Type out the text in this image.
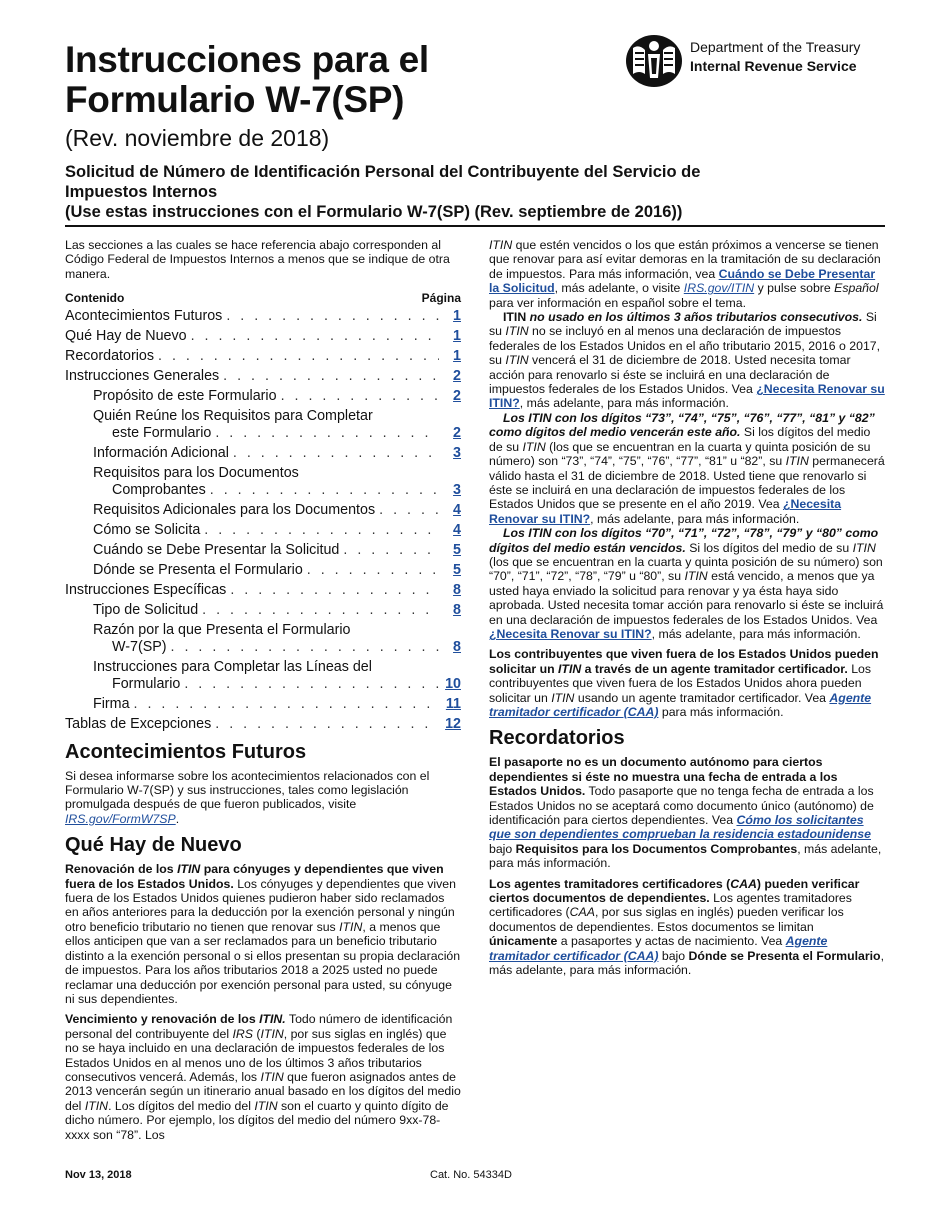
Instrucciones para el
Formulario W-7(SP)
(Rev. noviembre de 2018)
Department of the Treasury
Internal Revenue Service
Solicitud de Número de Identificación Personal del Contribuyente del Servicio de
Impuestos Internos
(Use estas instrucciones con el Formulario W-7(SP) (Rev. septiembre de 2016))

Las secciones a las cuales se hace referencia abajo corresponden al Código Federal de Impuestos Internos a menos que se indique de otra manera.

Contenido	Página
Acontecimientos Futuros . . .	1
Qué Hay de Nuevo . . .	1
Recordatorios . . .	1
Instrucciones Generales . . .	2
Propósito de este Formulario . . .	2
Quién Reúne los Requisitos para Completar
este Formulario . . .	2
Información Adicional . . .	3
Requisitos para los Documentos
Comprobantes . . .	3
Requisitos Adicionales para los Documentos . . .	4
Cómo se Solicita . . .	4
Cuándo se Debe Presentar la Solicitud . . .	5
Dónde se Presenta el Formulario . . .	5
Instrucciones Específicas . . .	8
Tipo de Solicitud . . .	8
Razón por la que Presenta el Formulario
W-7(SP) . . .	8
Instrucciones para Completar las Líneas del
Formulario . . .	10
Firma . . .	11
Tablas de Excepciones . . .	12
Acontecimientos Futuros

Si desea informarse sobre los acontecimientos relacionados con el Formulario W-7(SP) y sus instrucciones, tales como legislación promulgada después de que fueron publicados, visite IRS.gov/FormW7SP.

Qué Hay de Nuevo

Renovación de los ITIN para cónyuges y dependientes que viven fuera de los Estados Unidos. Los cónyuges y dependientes que viven fuera de los Estados Unidos quienes pudieron haber sido reclamados en años anteriores para la deducción por la exención personal y ningún otro beneficio tributario no tienen que renovar sus ITIN, a menos que ellos anticipen que van a ser reclamados para un beneficio tributario distinto a la exención personal o si ellos presentan su propia declaración de impuestos. Para los años tributarios 2018 a 2025 usted no puede reclamar una deducción por exención personal para usted, su cónyuge ni sus dependientes.

Vencimiento y renovación de los ITIN. Todo número de identificación personal del contribuyente del IRS (ITIN, por sus siglas en inglés) que no se haya incluido en una declaración de impuestos federales de los Estados Unidos en al menos uno de los últimos 3 años tributarios consecutivos vencerá. Además, los ITIN que fueron asignados antes de 2013 vencerán según un itinerario anual basado en los dígitos del medio del ITIN. Los dígitos del medio del ITIN son el cuarto y quinto dígito de dicho número. Por ejemplo, los dígitos del medio del número 9xx-78-xxxx son “78”. Los

ITIN que estén vencidos o los que están próximos a vencerse se tienen que renovar para así evitar demoras en la tramitación de su declaración de impuestos. Para más información, vea Cuándo se Debe Presentar la Solicitud, más adelante, o visite IRS.gov/ITIN y pulse sobre Español para ver información en español sobre el tema.

ITIN no usado en los últimos 3 años tributarios consecutivos. Si su ITIN no se incluyó en al menos una declaración de impuestos federales de los Estados Unidos en el año tributario 2015, 2016 o 2017, su ITIN vencerá el 31 de diciembre de 2018. Usted necesita tomar acción para renovarlo si éste se incluirá en una declaración de impuestos federales de los Estados Unidos. Vea ¿Necesita Renovar su ITIN?, más adelante, para más información.

Los ITIN con los dígitos “73”, “74”, “75”, “76”, “77”, “81” y “82” como dígitos del medio vencerán este año. Si los dígitos del medio de su ITIN (los que se encuentran en la cuarta y quinta posición de su número) son “73”, “74”, “75”, “76”, “77”, “81” u “82”, su ITIN permanecerá válido hasta el 31 de diciembre de 2018. Usted tiene que renovarlo si éste se incluirá en una declaración de impuestos federales de los Estados Unidos que se presente en el año 2019. Vea ¿Necesita Renovar su ITIN?, más adelante, para más información.

Los ITIN con los dígitos “70”, “71”, “72”, “78”, “79” y “80” como dígitos del medio están vencidos. Si los dígitos del medio de su ITIN (los que se encuentran en la cuarta y quinta posición de su número) son “70”, “71”, “72”, “78”, “79” u “80”, su ITIN está vencido, a menos que ya usted haya enviado la solicitud para renovar y ya ésta haya sido aprobada. Usted necesita tomar acción para renovarlo si éste se incluirá en una declaración de impuestos federales de los Estados Unidos. Vea ¿Necesita Renovar su ITIN?, más adelante, para más información.

Los contribuyentes que viven fuera de los Estados Unidos pueden solicitar un ITIN a través de un agente tramitador certificador. Los contribuyentes que viven fuera de los Estados Unidos ahora pueden solicitar un ITIN usando un agente tramitador certificador. Vea Agente tramitador certificador (CAA) para más información.

Recordatorios

El pasaporte no es un documento autónomo para ciertos dependientes si éste no muestra una fecha de entrada a los Estados Unidos. Todo pasaporte que no tenga fecha de entrada a los Estados Unidos no se aceptará como documento único (autónomo) de identificación para ciertos dependientes. Vea Cómo los solicitantes que son dependientes comprueban la residencia estadounidense bajo Requisitos para los Documentos Comprobantes, más adelante, para más información.

Los agentes tramitadores certificadores (CAA) pueden verificar ciertos documentos de dependientes. Los agentes tramitadores certificadores (CAA, por sus siglas en inglés) pueden verificar los documentos de dependientes. Estos documentos se limitan únicamente a pasaportes y actas de nacimiento. Vea Agente tramitador certificador (CAA) bajo Dónde se Presenta el Formulario, más adelante, para más información.

Nov 13, 2018	Cat. No. 54334D
